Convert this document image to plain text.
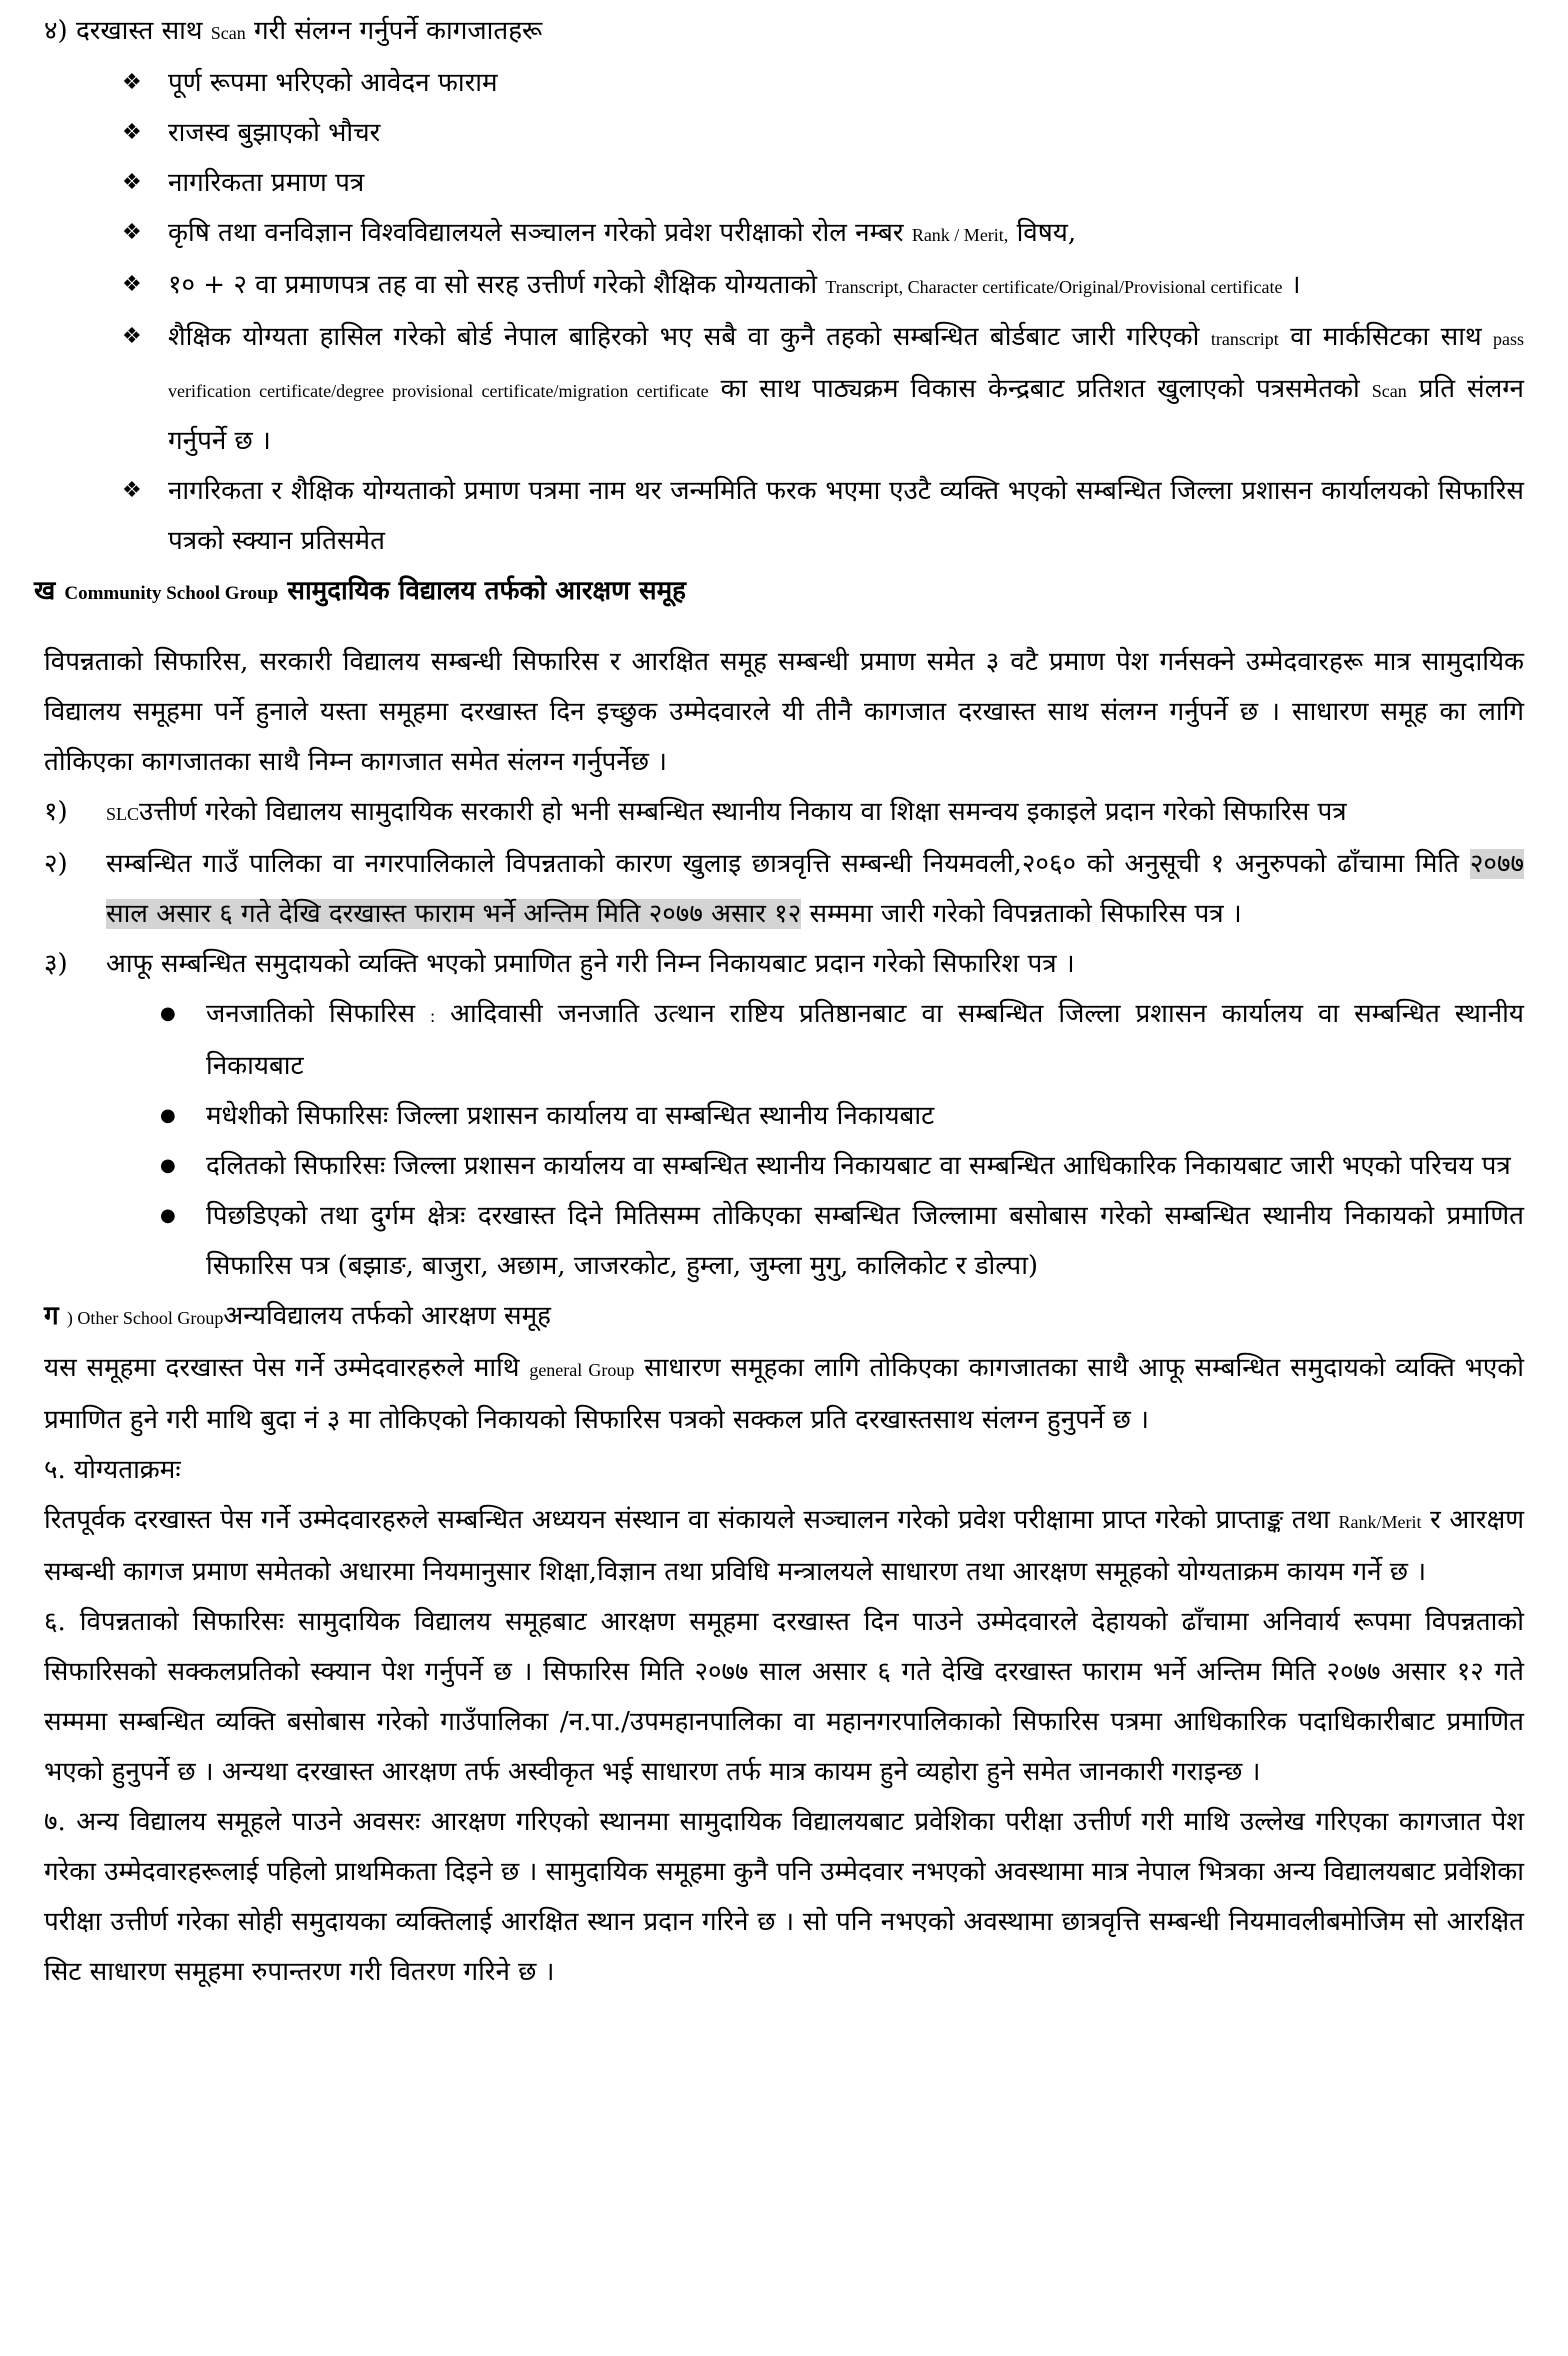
४) दरखास्त साथ Scan गरी संलग्न गर्नुपर्ने कागजातहरू
❖ पूर्ण रूपमा भरिएको आवेदन फाराम
❖ राजस्व बुझाएको भौचर
❖ नागरिकता प्रमाण पत्र
❖ कृषि तथा वनविज्ञान विश्वविद्यालयले सञ्चालन गरेको प्रवेश परीक्षाको रोल नम्बर Rank / Merit, विषय,
❖ १० + २ वा प्रमाणपत्र तह वा सो सरह उत्तीर्ण गरेको शैक्षिक योग्यताको Transcript, Character certificate/Original/Provisional certificate ।
❖ शैक्षिक योग्यता हासिल गरेको बोर्ड नेपाल बाहिरको भए सबै वा कुनै तहको सम्बन्धित बोर्डबाट जारी गरिएको transcript वा मार्कसिटका साथ pass verification certificate/degree provisional certificate/migration certificate का साथ पाठ्यक्रम विकास केन्द्रबाट प्रतिशत खुलाएको पत्रसमेतको Scan प्रति संलग्न गर्नुपर्ने छ ।
❖ नागरिकता र शैक्षिक योग्यताको प्रमाण पत्रमा नाम थर जन्ममिति फरक भएमा एउटै व्यक्ति भएको सम्बन्धित जिल्ला प्रशासन कार्यालयको सिफारिस पत्रको स्क्यान प्रतिसमेत
ख Community School Group सामुदायिक विद्यालय तर्फको आरक्षण समूह
विपन्नताको सिफारिस, सरकारी विद्यालय सम्बन्धी सिफारिस र आरक्षित समूह सम्बन्धी प्रमाण समेत ३ वटै प्रमाण पेश गर्नसक्ने उम्मेदवारहरू मात्र सामुदायिक विद्यालय समूहमा पर्ने हुनाले यस्ता समूहमा दरखास्त दिन इच्छुक उम्मेदवारले यी तीनै कागजात दरखास्त साथ संलग्न गर्नुपर्ने छ । साधारण समूह का लागि तोकिएका कागजातका साथै निम्न कागजात समेत संलग्न गर्नुपर्नेछ ।
१) SLCउत्तीर्ण गरेको विद्यालय सामुदायिक सरकारी हो भनी सम्बन्धित स्थानीय निकाय वा शिक्षा समन्वय इकाइले प्रदान गरेको सिफारिस पत्र
२) सम्बन्धित गाउँ पालिका वा नगरपालिकाले विपन्नताको कारण खुलाइ छात्रवृत्ति सम्बन्धी नियमवली,२०६० को अनुसूची १ अनुरुपको ढाँचामा मिति २०७७ साल असार ६ गते देखि दरखास्त फाराम भर्ने अन्तिम मिति २०७७ असार १२ सम्ममा जारी गरेको विपन्नताको सिफारिस पत्र ।
३) आफू सम्बन्धित समुदायको व्यक्ति भएको प्रमाणित हुने गरी निम्न निकायबाट प्रदान गरेको सिफारिश पत्र ।
● जनजातिको सिफारिस : आदिवासी जनजाति उत्थान राष्टिय प्रतिष्ठानबाट वा सम्बन्धित जिल्ला प्रशासन कार्यालय वा सम्बन्धित स्थानीय निकायबाट
● मधेशीको सिफारिसः जिल्ला प्रशासन कार्यालय वा सम्बन्धित स्थानीय निकायबाट
● दलितको सिफारिसः जिल्ला प्रशासन कार्यालय वा सम्बन्धित स्थानीय निकायबाट वा सम्बन्धित आधिकारिक निकायबाट जारी भएको परिचय पत्र
● पिछडिएको तथा दुर्गम क्षेत्रः दरखास्त दिने मितिसम्म तोकिएका सम्बन्धित जिल्लामा बसोबास गरेको सम्बन्धित स्थानीय निकायको प्रमाणित सिफारिस पत्र (बझाङ, बाजुरा, अछाम, जाजरकोट, हुम्ला, जुम्ला मुगु, कालिकोट र डोल्पा)
ग ) Other School Groupअन्यविद्यालय तर्फको आरक्षण समूह
यस समूहमा दरखास्त पेस गर्ने उम्मेदवारहरुले माथि general Group साधारण समूहका लागि तोकिएका कागजातका साथै आफू सम्बन्धित समुदायको व्यक्ति भएको प्रमाणित हुने गरी माथि बुदा नं ३ मा तोकिएको निकायको सिफारिस पत्रको सक्कल प्रति दरखास्तसाथ संलग्न हुनुपर्ने छ ।
५. योग्यताक्रमः
रितपूर्वक दरखास्त पेस गर्ने उम्मेदवारहरुले सम्बन्धित अध्ययन संस्थान वा संकायले सञ्चालन गरेको प्रवेश परीक्षामा प्राप्त गरेको प्राप्ताङ्क तथा Rank/Merit र आरक्षण सम्बन्धी कागज प्रमाण समेतको अधारमा नियमानुसार शिक्षा,विज्ञान तथा प्रविधि मन्त्रालयले साधारण तथा आरक्षण समूहको योग्यताक्रम कायम गर्ने छ ।
६. विपन्नताको सिफारिसः सामुदायिक विद्यालय समूहबाट आरक्षण समूहमा दरखास्त दिन पाउने उम्मेदवारले देहायको ढाँचामा अनिवार्य रूपमा विपन्नताको सिफारिसको सक्कलप्रतिको स्क्यान पेश गर्नुपर्ने छ । सिफारिस मिति २०७७ साल असार ६ गते देखि दरखास्त फाराम भर्ने अन्तिम मिति २०७७ असार १२ गते सम्ममा सम्बन्धित व्यक्ति बसोबास गरेको गाउँपालिका /न.पा./उपमहानपालिका वा महानगरपालिकाको सिफारिस पत्रमा आधिकारिक पदाधिकारीबाट प्रमाणित भएको हुनुपर्ने छ । अन्यथा दरखास्त आरक्षण तर्फ अस्वीकृत भई साधारण तर्फ मात्र कायम हुने व्यहोरा हुने समेत जानकारी गराइन्छ ।
७. अन्य विद्यालय समूहले पाउने अवसरः आरक्षण गरिएको स्थानमा सामुदायिक विद्यालयबाट प्रवेशिका परीक्षा उत्तीर्ण गरी माथि उल्लेख गरिएका कागजात पेश गरेका उम्मेदवारहरूलाई पहिलो प्राथमिकता दिइने छ । सामुदायिक समूहमा कुनै पनि उम्मेदवार नभएको अवस्थामा मात्र नेपाल भित्रका अन्य विद्यालयबाट प्रवेशिका परीक्षा उत्तीर्ण गरेका सोही समुदायका व्यक्तिलाई आरक्षित स्थान प्रदान गरिने छ । सो पनि नभएको अवस्थामा छात्रवृत्ति सम्बन्धी नियमावलीबमोजिम सो आरक्षित सिट साधारण समूहमा रुपान्तरण गरी वितरण गरिने छ ।
